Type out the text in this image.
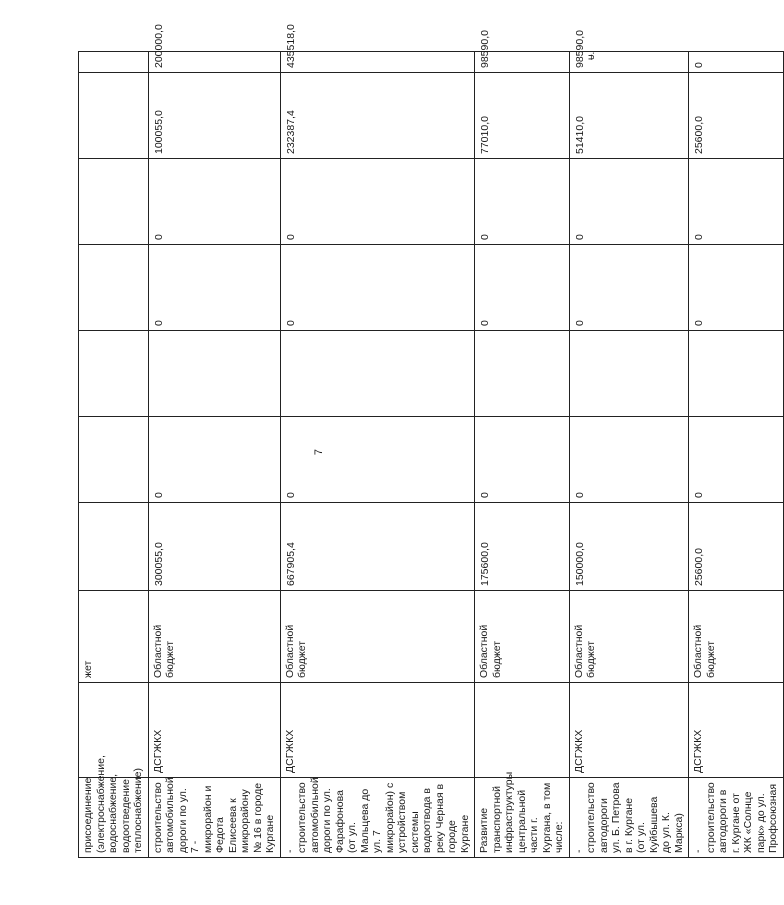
7
ᵾ.
присоединение (электроснабжение, водоснабжение, водоотведение, теплоснабжение)		жет								
строительство автомобильной дороги по ул. 7 - микрорайон и Федота Елисеева к микрорайону № 16 в городе Кургане	ДСГЖКХ	Областной бюджет	300055,0	0		0	0	100055,0	200000,0	
- строительство автомобильной дороги по ул. Фарафонова (от ул. Мальцева до ул. 7 микрорайон) с устройством системы водоотвода в реку Черная в городе Кургане	ДСГЖКХ	Областной бюджет	667905,4	0		0	0	232387,4	435518,0	
Развитие транспортной инфраструктуры центральной части г. Кургана, в том числе:		Областной бюджет	175600,0	0		0	0	77010,0	98590,0	
- строительство автодороги ул. Б. Петрова в г. Кургане (от ул. Куйбышева до ул. К. Маркса)	ДСГЖКХ	Областной бюджет	150000,0	0		0	0	51410,0	98590,0	
- строительство автодороги в г. Кургане от ЖК «Солнце парк» до ул. Профсоюзная	ДСГЖКХ	Областной бюджет	25600,0	0		0	0	25600,0	0	
